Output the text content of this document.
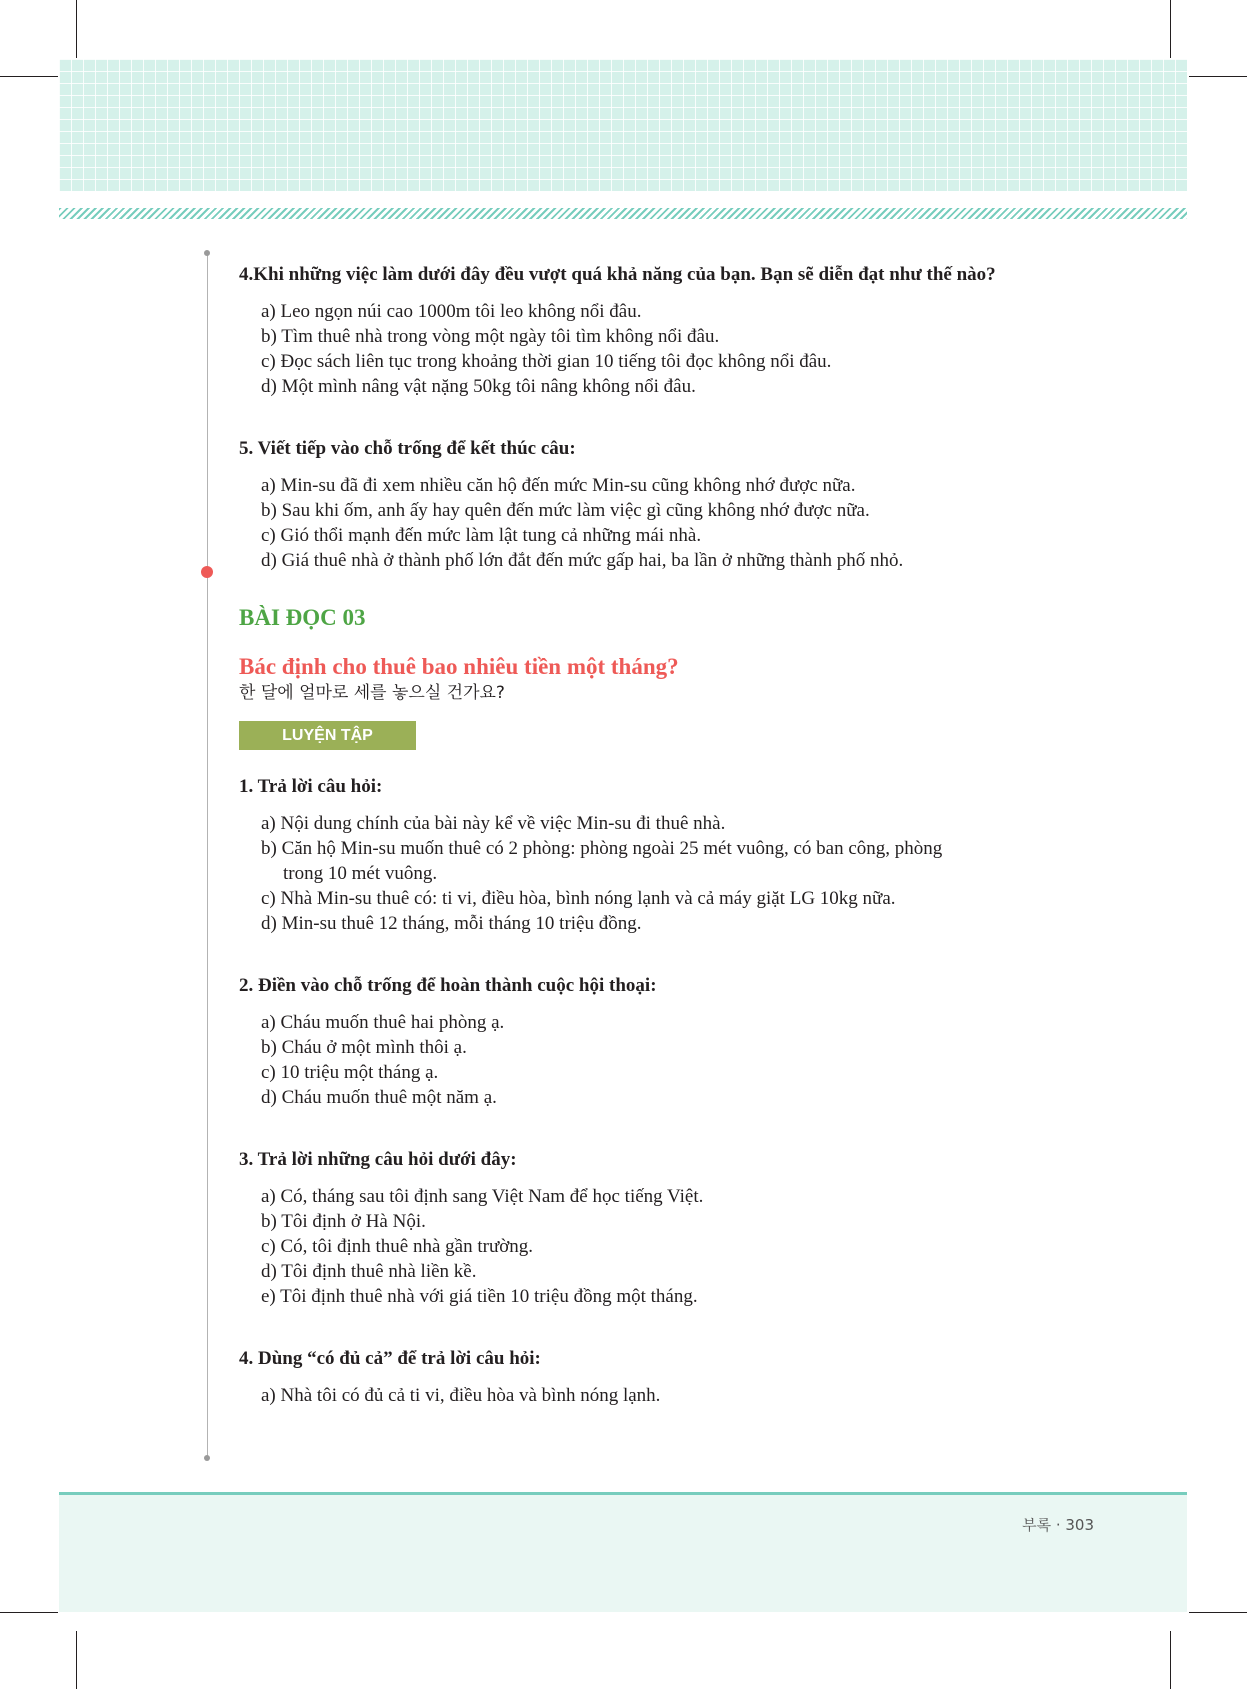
4.Khi những việc làm dưới đây đều vượt quá khả năng của bạn. Bạn sẽ diễn đạt như thế nào?
a) Leo ngọn núi cao 1000m tôi leo không nổi đâu.
b) Tìm thuê nhà trong vòng một ngày tôi tìm không nổi đâu.
c) Đọc sách liên tục trong khoảng thời gian 10 tiếng tôi đọc không nổi đâu.
d) Một mình nâng vật nặng 50kg tôi nâng không nổi đâu.
5. Viết tiếp vào chỗ trống để kết thúc câu:
a) Min-su đã đi xem nhiều căn hộ đến mức Min-su cũng không nhớ được nữa.
b) Sau khi ốm, anh ấy hay quên đến mức làm việc gì cũng không nhớ được nữa.
c) Gió thổi mạnh đến mức làm lật tung cả những mái nhà.
d) Giá thuê nhà ở thành phố lớn đắt đến mức gấp hai, ba lần ở những thành phố nhỏ.
BÀI ĐỌC 03
Bác định cho thuê bao nhiêu tiền một tháng?
한 달에 얼마로 세를 놓으실 건가요?
LUYỆN TẬP
1. Trả lời câu hỏi:
a) Nội dung chính của bài này kể về việc Min-su đi thuê nhà.
b) Căn hộ Min-su muốn thuê có 2 phòng: phòng ngoài 25 mét vuông, có ban công, phòng
trong 10 mét vuông.
c) Nhà Min-su thuê có: ti vi, điều hòa, bình nóng lạnh và cả máy giặt LG 10kg nữa.
d) Min-su thuê 12 tháng, mỗi tháng 10 triệu đồng.
2. Điền vào chỗ trống để hoàn thành cuộc hội thoại:
a) Cháu muốn thuê hai phòng ạ.
b) Cháu ở một mình thôi ạ.
c) 10 triệu một tháng ạ.
d) Cháu muốn thuê một năm ạ.
3. Trả lời những câu hỏi dưới đây:
a) Có, tháng sau tôi định sang Việt Nam để học tiếng Việt.
b) Tôi định ở Hà Nội.
c) Có, tôi định thuê nhà gần trường.
d) Tôi định thuê nhà liền kề.
e) Tôi định thuê nhà với giá tiền 10 triệu đồng một tháng.
4. Dùng “có đủ cả” để trả lời câu hỏi:
a) Nhà tôi có đủ cả ti vi, điều hòa và bình nóng lạnh.
부록 · 303
